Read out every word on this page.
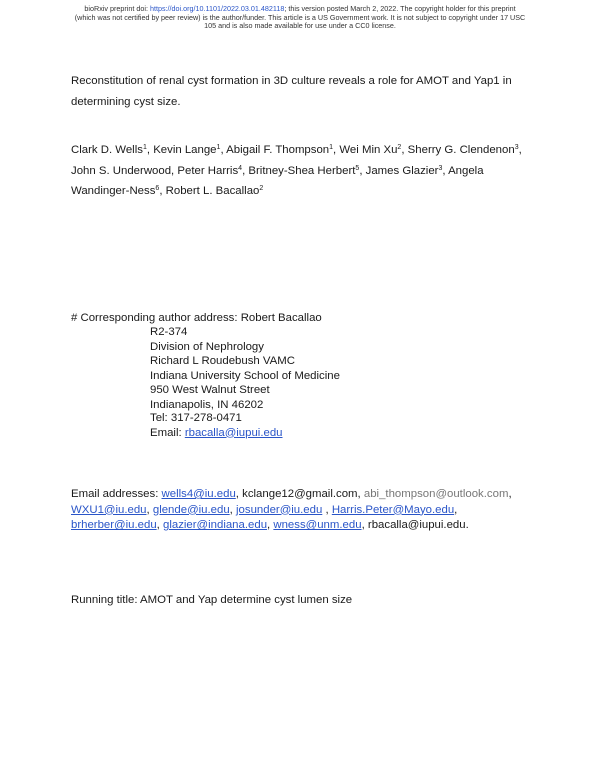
bioRxiv preprint doi: https://doi.org/10.1101/2022.03.01.482118; this version posted March 2, 2022. The copyright holder for this preprint
(which was not certified by peer review) is the author/funder. This article is a US Government work. It is not subject to copyright under 17 USC
105 and is also made available for use under a CC0 license.
Reconstitution of renal cyst formation in 3D culture reveals a role for AMOT and Yap1 in determining cyst size.
Clark D. Wells$^1$, Kevin Lange$^1$, Abigail F. Thompson$^1$, Wei Min Xu$^2$, Sherry G. Clendenon$^3$, John S. Underwood, Peter Harris$^4$, Britney-Shea Herbert$^5$, James Glazier$^3$, Angela Wandinger-Ness$^6$, Robert L. Bacallao$^2$
# Corresponding author address: Robert Bacallao
R2-374
Division of Nephrology
Richard L Roudebush VAMC
Indiana University School of Medicine
950 West Walnut Street
Indianapolis, IN 46202
Tel: 317-278-0471
Email: rbacalla@iupui.edu
Email addresses: wells4@iu.edu, kclange12@gmail.com, abi_thompson@outlook.com, WXU1@iu.edu, glende@iu.edu, josunder@iu.edu , Harris.Peter@Mayo.edu, brherber@iu.edu, glazier@indiana.edu, wness@unm.edu, rbacalla@iupui.edu.
Running title: AMOT and Yap determine cyst lumen size
